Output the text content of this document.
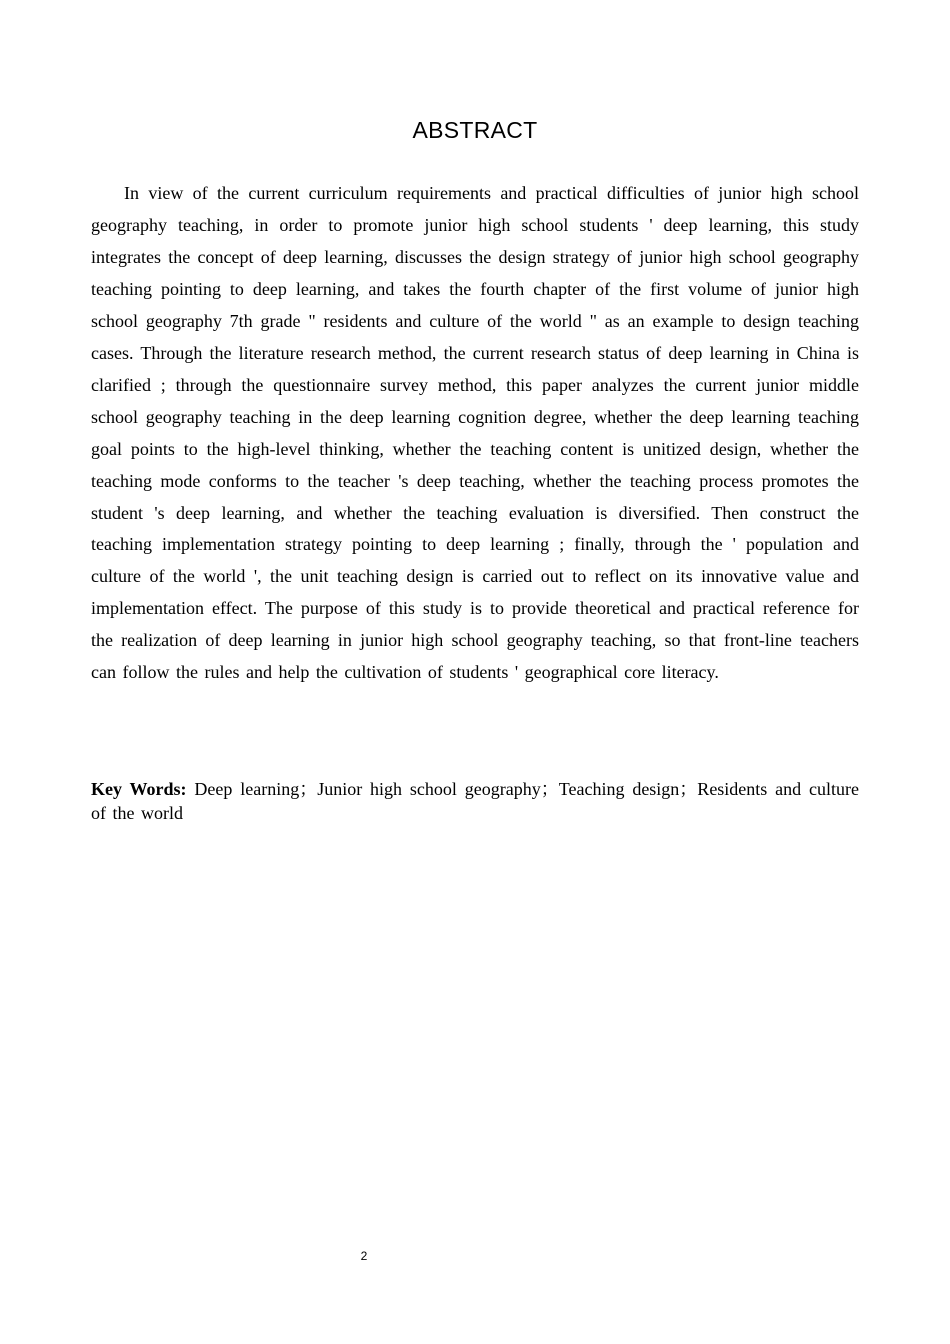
ABSTRACT

In view of the current curriculum requirements and practical difficulties of junior high school geography teaching, in order to promote junior high school students ' deep learning, this study integrates the concept of deep learning, discusses the design strategy of junior high school geography teaching pointing to deep learning, and takes the fourth chapter of the first volume of junior high school geography 7th grade " residents and culture of the world " as an example to design teaching cases. Through the literature research method, the current research status of deep learning in China is clarified ; through the questionnaire survey method, this paper analyzes the current junior middle school geography teaching in the deep learning cognition degree, whether the deep learning teaching goal points to the high-level thinking, whether the teaching content is unitized design, whether the teaching mode conforms to the teacher 's deep teaching, whether the teaching process promotes the student 's deep learning, and whether the teaching evaluation is diversified. Then construct the teaching implementation strategy pointing to deep learning ; finally, through the ' population and culture of the world ', the unit teaching design is carried out to reflect on its innovative value and implementation effect. The purpose of this study is to provide theoretical and practical reference for the realization of deep learning in junior high school geography teaching, so that front-line teachers can follow the rules and help the cultivation of students ' geographical core literacy.

Key Words: Deep learning；Junior high school geography；Teaching design；Residents and culture of the world

2
